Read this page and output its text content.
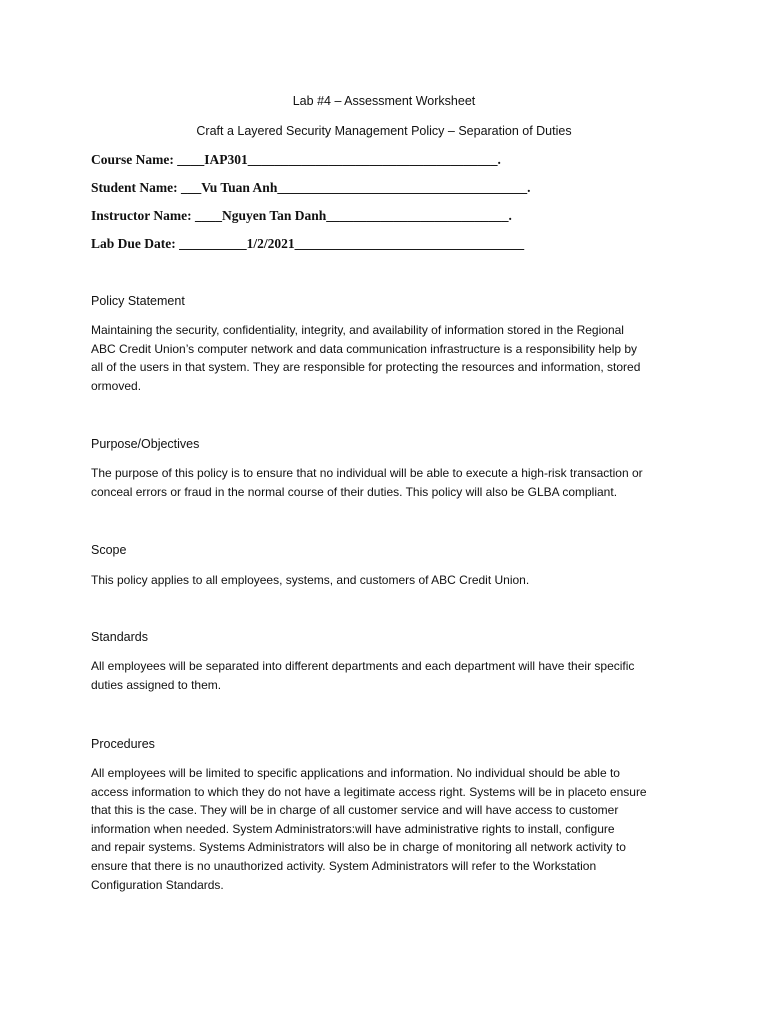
Lab #4 – Assessment Worksheet
Craft a Layered Security Management Policy – Separation of Duties
Course Name: ____IAP301_____________________________________.
Student Name: ___Vu Tuan Anh_____________________________________.
Instructor Name: ____Nguyen Tan Danh___________________________.
Lab Due Date: __________1/2/2021__________________________________
Policy Statement
Maintaining the security, confidentiality, integrity, and availability of information stored in the Regional
ABC Credit Union’s computer network and data communication infrastructure is a responsibility help by
all of the users in that system. They are responsible for protecting the resources and information, stored
ormoved.
Purpose/Objectives
The purpose of this policy is to ensure that no individual will be able to execute a high-risk transaction or
conceal errors or fraud in the normal course of their duties. This policy will also be GLBA compliant.
Scope
This policy applies to all employees, systems, and customers of ABC Credit Union.
Standards
All employees will be separated into different departments and each department will have their specific
duties assigned to them.
Procedures
All employees will be limited to specific applications and information. No individual should be able to
access information to which they do not have a legitimate access right. Systems will be in placeto ensure
that this is the case. They will be in charge of all customer service and will have access to customer
information when needed. System Administrators:will have administrative rights to install, configure
and repair systems. Systems Administrators will also be in charge of monitoring all network activity to
ensure that there is no unauthorized activity. System Administrators will refer to the Workstation
Configuration Standards.
